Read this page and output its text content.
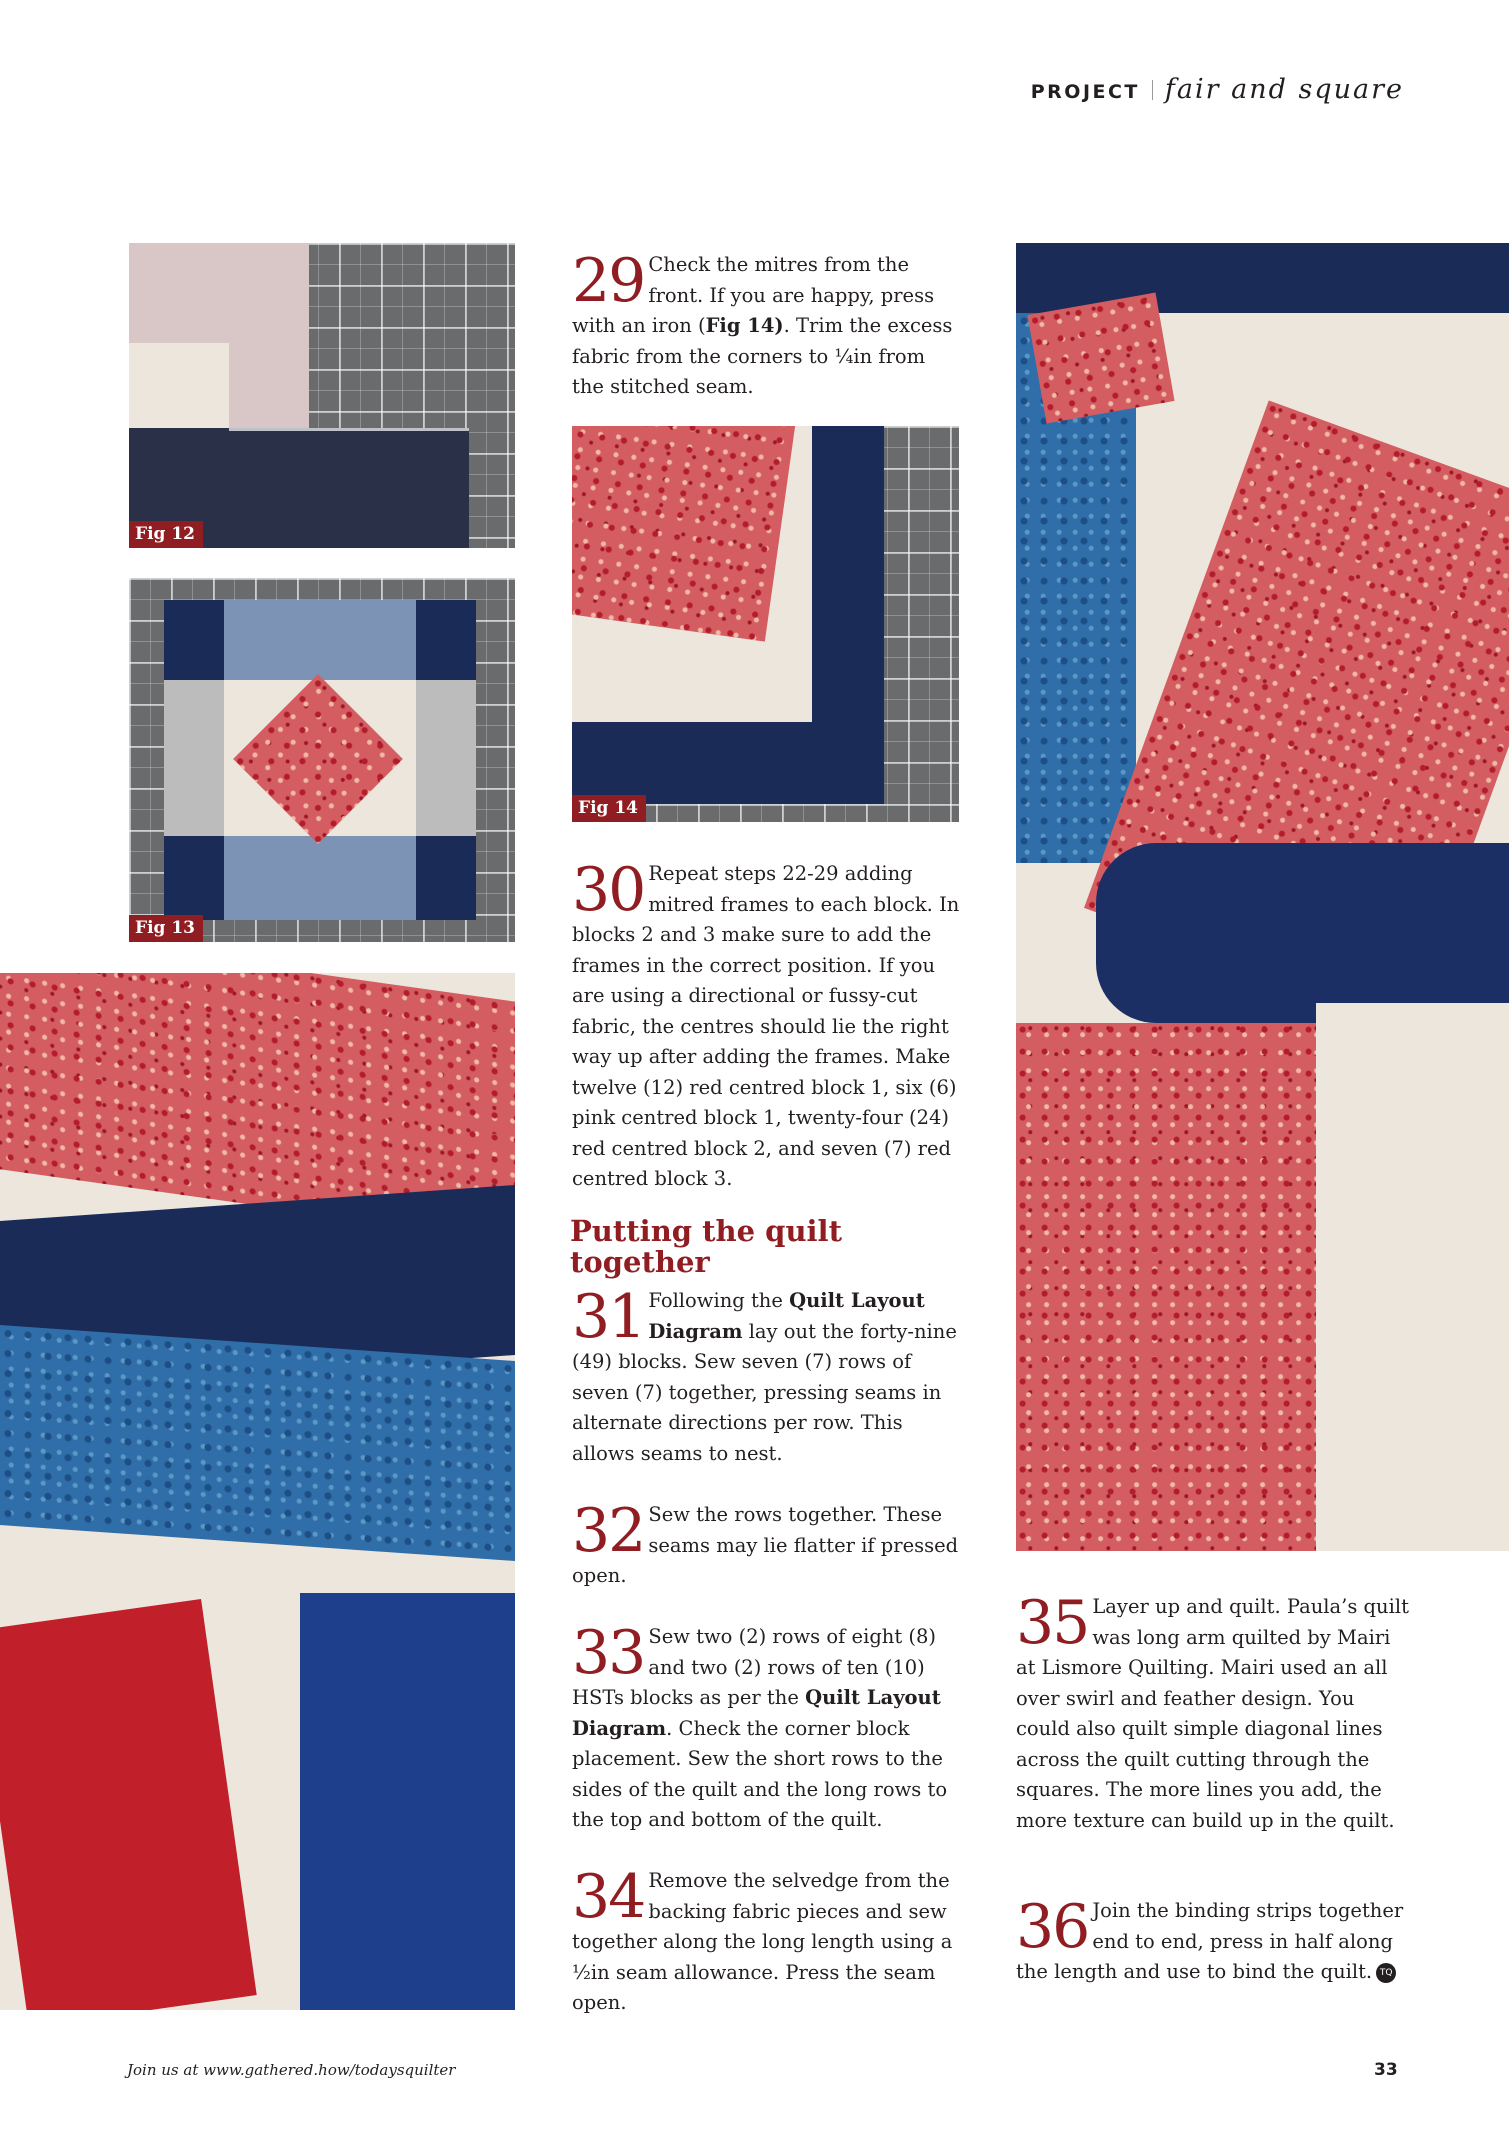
PROJECT fair and square
Fig 12
Fig 13
Fig 14

29 Check the mitres from the front. If you are happy, press with an iron (Fig 14). Trim the excess fabric from the corners to ¼in from the stitched seam.

30 Repeat steps 22-29 adding mitred frames to each block. In blocks 2 and 3 make sure to add the frames in the correct position. If you are using a directional or fussy-cut fabric, the centres should lie the right way up after adding the frames. Make twelve (12) red centred block 1, six (6) pink centred block 1, twenty-four (24) red centred block 2, and seven (7) red centred block 3.

Putting the quilt together

31 Following the Quilt Layout Diagram lay out the forty-nine (49) blocks. Sew seven (7) rows of seven (7) together, pressing seams in alternate directions per row. This allows seams to nest.

32 Sew the rows together. These seams may lie flatter if pressed open.

33 Sew two (2) rows of eight (8) and two (2) rows of ten (10) HSTs blocks as per the Quilt Layout Diagram. Check the corner block placement. Sew the short rows to the sides of the quilt and the long rows to the top and bottom of the quilt.

34 Remove the selvedge from the backing fabric pieces and sew together along the long length using a ½in seam allowance. Press the seam open.

35 Layer up and quilt. Paula’s quilt was long arm quilted by Mairi at Lismore Quilting. Mairi used an all over swirl and feather design. You could also quilt simple diagonal lines across the quilt cutting through the squares. The more lines you add, the more texture can build up in the quilt.

36 Join the binding strips together end to end, press in half along the length and use to bind the quilt. TQ

Join us at www.gathered.how/todaysquilter	33
